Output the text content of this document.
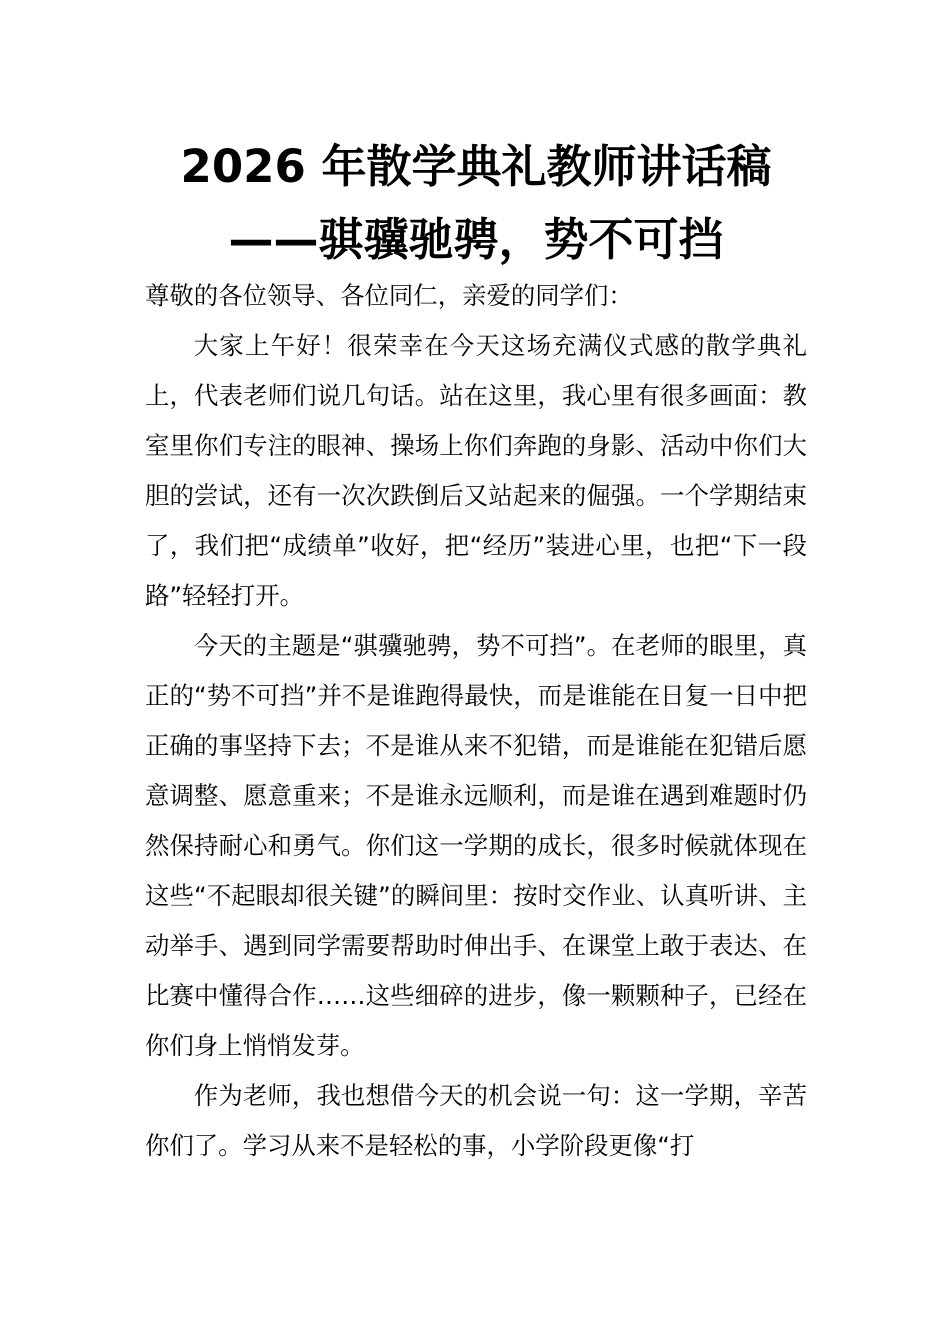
2026 年散学典礼教师讲话稿
——骐骥驰骋，势不可挡

尊敬的各位领导、各位同仁，亲爱的同学们：

大家上午好！很荣幸在今天这场充满仪式感的散学典礼上，代表老师们说几句话。站在这里，我心里有很多画面：教室里你们专注的眼神、操场上你们奔跑的身影、活动中你们大胆的尝试，还有一次次跌倒后又站起来的倔强。一个学期结束了，我们把“成绩单”收好，把“经历”装进心里，也把“下一段路”轻轻打开。

今天的主题是“骐骥驰骋，势不可挡”。在老师的眼里，真正的“势不可挡”并不是谁跑得最快，而是谁能在日复一日中把正确的事坚持下去；不是谁从来不犯错，而是谁能在犯错后愿意调整、愿意重来；不是谁永远顺利，而是谁在遇到难题时仍然保持耐心和勇气。你们这一学期的成长，很多时候就体现在这些“不起眼却很关键”的瞬间里：按时交作业、认真听讲、主动举手、遇到同学需要帮助时伸出手、在课堂上敢于表达、在比赛中懂得合作……这些细碎的进步，像一颗颗种子，已经在你们身上悄悄发芽。

作为老师，我也想借今天的机会说一句：这一学期，辛苦你们了。学习从来不是轻松的事，小学阶段更像“打
